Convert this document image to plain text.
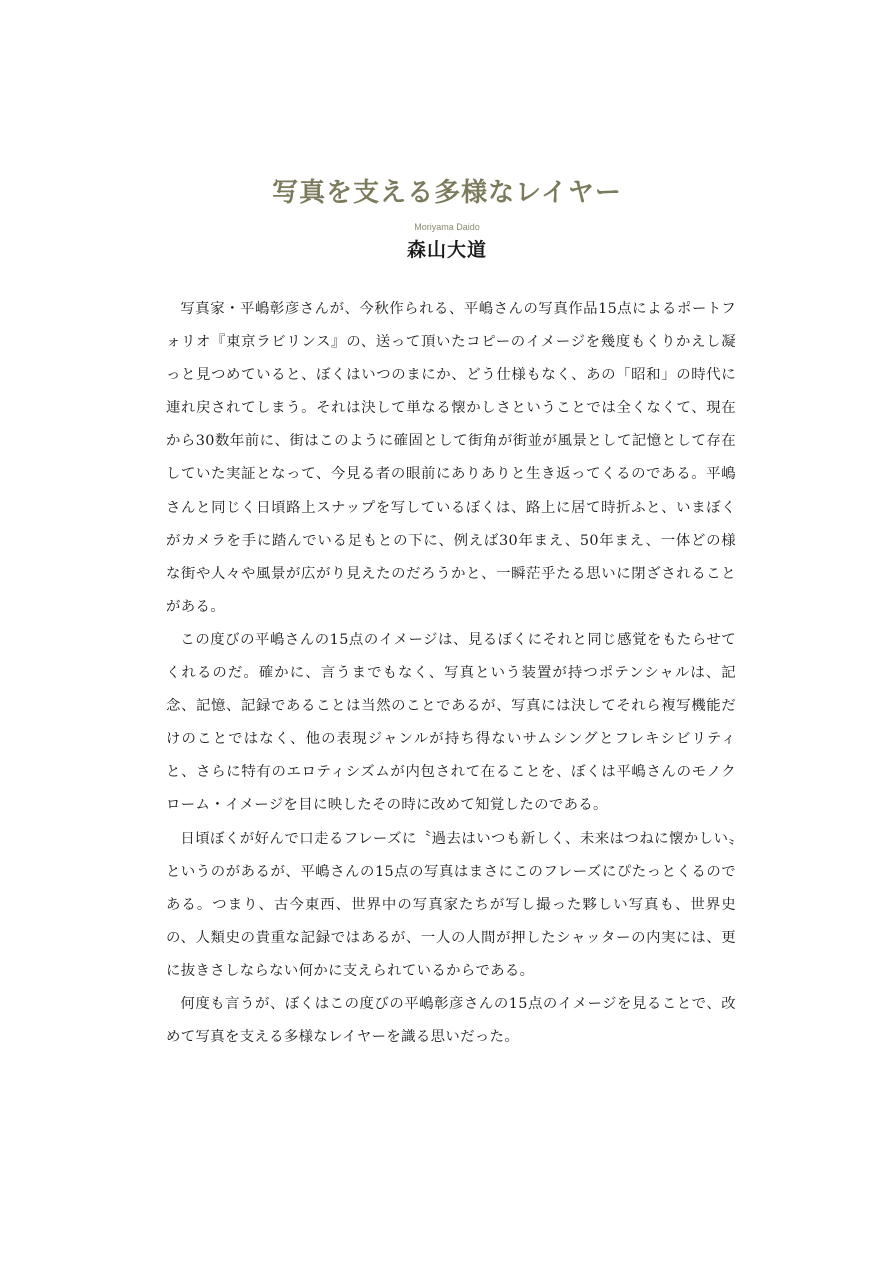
写真を支える多様なレイヤー
Moriyama Daido
森山大道

写真家・平嶋彰彦さんが、今秋作られる、平嶋さんの写真作品15点によるポートフォリオ『東京ラビリンス』の、送って頂いたコピーのイメージを幾度もくりかえし凝っと見つめていると、ぼくはいつのまにか、どう仕様もなく、あの「昭和」の時代に連れ戻されてしまう。それは決して単なる懐かしさということでは全くなくて、現在から30数年前に、街はこのように確固として街角が街並が風景として記憶として存在していた実証となって、今見る者の眼前にありありと生き返ってくるのである。平嶋さんと同じく日頃路上スナップを写しているぼくは、路上に居て時折ふと、いまぼくがカメラを手に踏んでいる足もとの下に、例えば30年まえ、50年まえ、一体どの様な街や人々や風景が広がり見えたのだろうかと、一瞬茫乎たる思いに閉ざされることがある。

この度びの平嶋さんの15点のイメージは、見るぼくにそれと同じ感覚をもたらせてくれるのだ。確かに、言うまでもなく、写真という装置が持つポテンシャルは、記念、記憶、記録であることは当然のことであるが、写真には決してそれら複写機能だけのことではなく、他の表現ジャンルが持ち得ないサムシングとフレキシビリティと、さらに特有のエロティシズムが内包されて在ることを、ぼくは平嶋さんのモノクローム・イメージを目に映したその時に改めて知覚したのである。

日頃ぼくが好んで口走るフレーズに〝過去はいつも新しく、未来はつねに懐かしい〟というのがあるが、平嶋さんの15点の写真はまさにこのフレーズにぴたっとくるのである。つまり、古今東西、世界中の写真家たちが写し撮った夥しい写真も、世界史の、人類史の貴重な記録ではあるが、一人の人間が押したシャッターの内実には、更に抜きさしならない何かに支えられているからである。

何度も言うが、ぼくはこの度びの平嶋彰彦さんの15点のイメージを見ることで、改めて写真を支える多様なレイヤーを識る思いだった。
